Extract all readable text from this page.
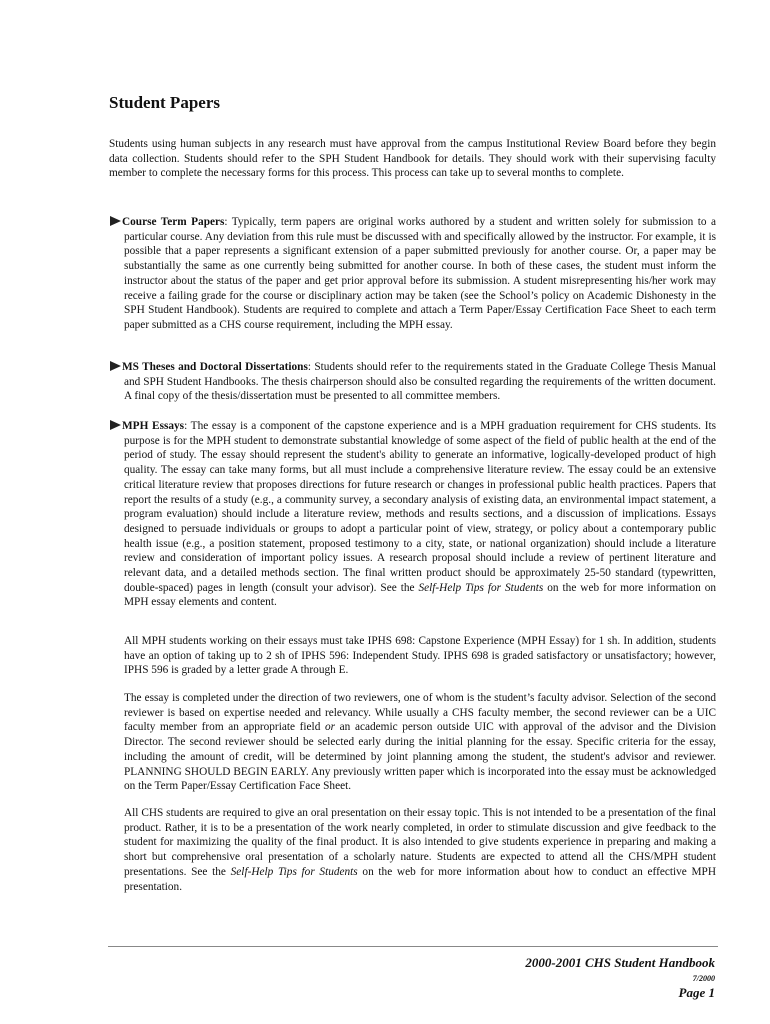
Student Papers

Students using human subjects in any research must have approval from the campus Institutional Review Board before they begin data collection. Students should refer to the SPH Student Handbook for details. They should work with their supervising faculty member to complete the necessary forms for this process. This process can take up to several months to complete.

Course Term Papers: Typically, term papers are original works authored by a student and written solely for submission to a particular course. Any deviation from this rule must be discussed with and specifically allowed by the instructor. For example, it is possible that a paper represents a significant extension of a paper submitted previously for another course. Or, a paper may be substantially the same as one currently being submitted for another course. In both of these cases, the student must inform the instructor about the status of the paper and get prior approval before its submission. A student misrepresenting his/her work may receive a failing grade for the course or disciplinary action may be taken (see the School’s policy on Academic Dishonesty in the SPH Student Handbook). Students are required to complete and attach a Term Paper/Essay Certification Face Sheet to each term paper submitted as a CHS course requirement, including the MPH essay.

MS Theses and Doctoral Dissertations: Students should refer to the requirements stated in the Graduate College Thesis Manual and SPH Student Handbooks. The thesis chairperson should also be consulted regarding the requirements of the written document. A final copy of the thesis/dissertation must be presented to all committee members.

MPH Essays: The essay is a component of the capstone experience and is a MPH graduation requirement for CHS students. Its purpose is for the MPH student to demonstrate substantial knowledge of some aspect of the field of public health at the end of the period of study. The essay should represent the student's ability to generate an informative, logically-developed product of high quality. The essay can take many forms, but all must include a comprehensive literature review. The essay could be an extensive critical literature review that proposes directions for future research or changes in professional public health practices. Papers that report the results of a study (e.g., a community survey, a secondary analysis of existing data, an environmental impact statement, a program evaluation) should include a literature review, methods and results sections, and a discussion of implications. Essays designed to persuade individuals or groups to adopt a particular point of view, strategy, or policy about a contemporary public health issue (e.g., a position statement, proposed testimony to a city, state, or national organization) should include a literature review and consideration of important policy issues. A research proposal should include a review of pertinent literature and relevant data, and a detailed methods section. The final written product should be approximately 25-50 standard (typewritten, double-spaced) pages in length (consult your advisor). See the Self-Help Tips for Students on the web for more information on MPH essay elements and content.

All MPH students working on their essays must take IPHS 698: Capstone Experience (MPH Essay) for 1 sh. In addition, students have an option of taking up to 2 sh of IPHS 596: Independent Study. IPHS 698 is graded satisfactory or unsatisfactory; however, IPHS 596 is graded by a letter grade A through E.

The essay is completed under the direction of two reviewers, one of whom is the student’s faculty advisor. Selection of the second reviewer is based on expertise needed and relevancy. While usually a CHS faculty member, the second reviewer can be a UIC faculty member from an appropriate field or an academic person outside UIC with approval of the advisor and the Division Director. The second reviewer should be selected early during the initial planning for the essay. Specific criteria for the essay, including the amount of credit, will be determined by joint planning among the student, the student's advisor and reviewer. PLANNING SHOULD BEGIN EARLY. Any previously written paper which is incorporated into the essay must be acknowledged on the Term Paper/Essay Certification Face Sheet.

All CHS students are required to give an oral presentation on their essay topic. This is not intended to be a presentation of the final product. Rather, it is to be a presentation of the work nearly completed, in order to stimulate discussion and give feedback to the student for maximizing the quality of the final product. It is also intended to give students experience in preparing and making a short but comprehensive oral presentation of a scholarly nature. Students are expected to attend all the CHS/MPH student presentations. See the Self-Help Tips for Students on the web for more information about how to conduct an effective MPH presentation.

2000-2001 CHS Student Handbook
7/2000
Page 1
